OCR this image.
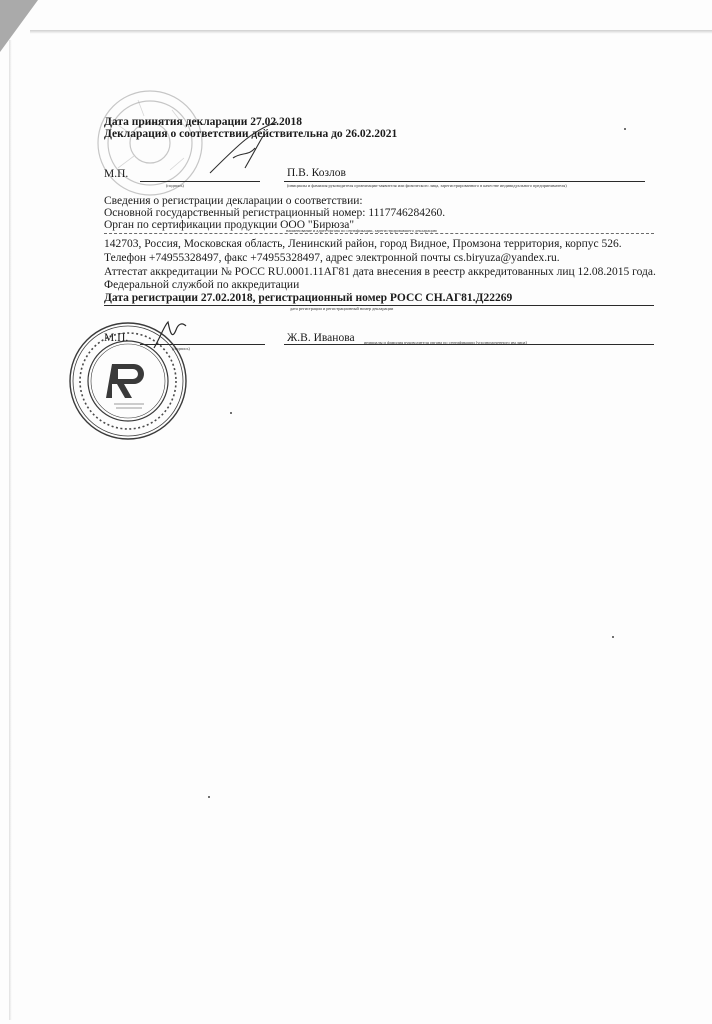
Дата принятия декларации 27.02.2018
Декларация о соответствии действительна до 26.02.2021
М.П.
(подпись)
П.В. Козлов
(инициалы и фамилия руководителя организации-заявителя или физического лица, зарегистрированного в качестве индивидуального предпринимателя)
Сведения о регистрации декларации о соответствии:
Основной государственный регистрационный номер: 1117746284260.
Орган по сертификации продукции ООО "Бирюза"
наименование и адрес органа по сертификации, зарегистрировавшего декларацию
142703, Россия, Московская область, Ленинский район, город Видное, Промзона территория, корпус 526.
Телефон +74955328497, факс +74955328497, адрес электронной почты cs.biryuza@yandex.ru.
Аттестат аккредитации № РОСС RU.0001.11АГ81 дата внесения в реестр аккредитованных лиц 12.08.2015 года.
Федеральной службой по аккредитации
Дата регистрации 27.02.2018, регистрационный номер РОСС CH.АГ81.Д22269
дата регистрации и регистрационный номер декларации
М.П.
(подпись)
Ж.В. Иванова инициалы и фамилия руководителя органа по сертификации (уполномоченного им лица)
